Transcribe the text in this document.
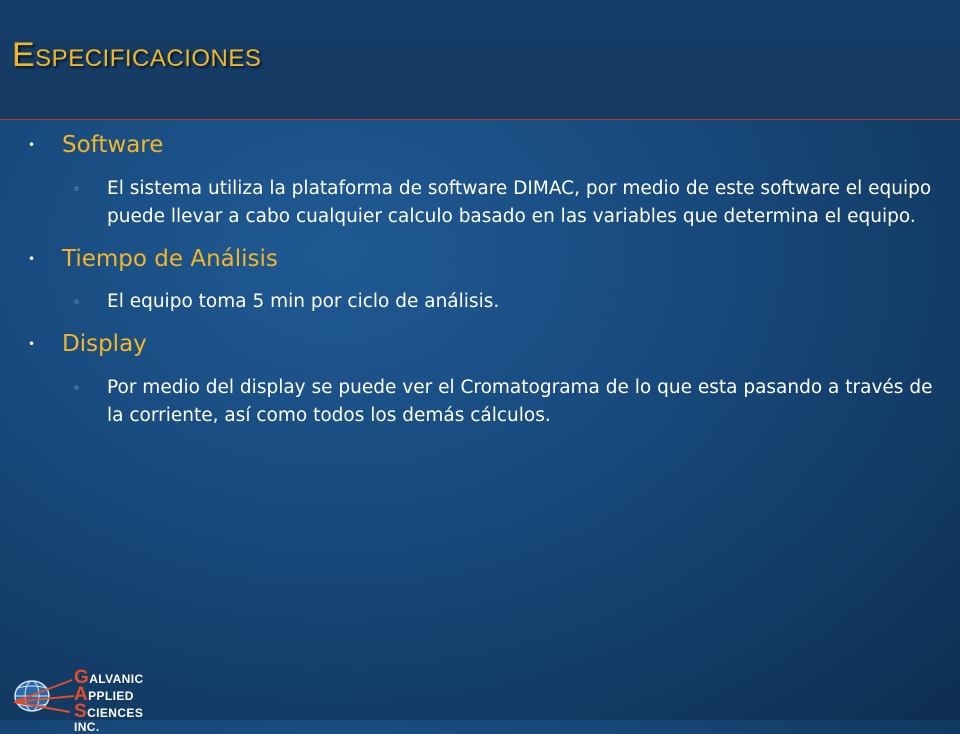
Especificaciones
• Software
◦ El sistema utiliza la plataforma de software DIMAC, por medio de este software el equipo puede llevar a cabo cualquier calculo basado en las variables que determina el equipo.
• Tiempo de Análisis
◦ El equipo toma 5 min por ciclo de análisis.
• Display
◦ Por medio del display se puede ver el Cromatograma de lo que esta pasando a través de la corriente, así como todos los demás cálculos.
GALVANIC
APPLIED
SCIENCES INC.
